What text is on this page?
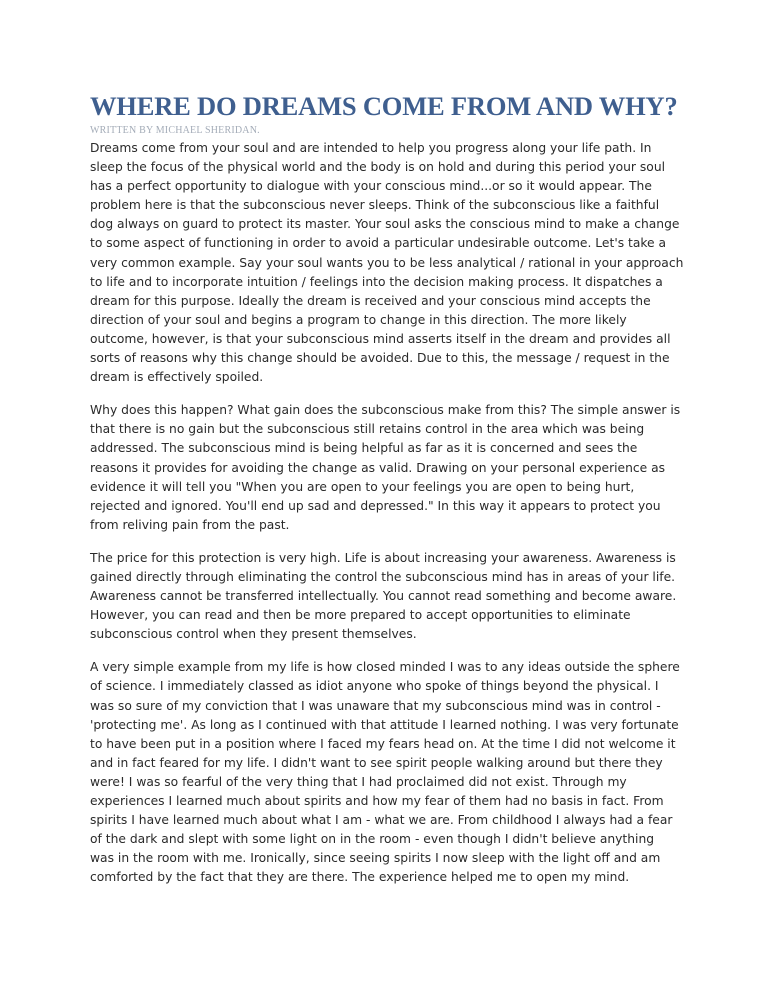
WHERE DO DREAMS COME FROM AND WHY?
WRITTEN BY MICHAEL SHERIDAN.

Dreams come from your soul and are intended to help you progress along your life path. In
sleep the focus of the physical world and the body is on hold and during this period your soul
has a perfect opportunity to dialogue with your conscious mind...or so it would appear. The
problem here is that the subconscious never sleeps. Think of the subconscious like a faithful
dog always on guard to protect its master. Your soul asks the conscious mind to make a change
to some aspect of functioning in order to avoid a particular undesirable outcome. Let's take a
very common example. Say your soul wants you to be less analytical / rational in your approach
to life and to incorporate intuition / feelings into the decision making process. It dispatches a
dream for this purpose. Ideally the dream is received and your conscious mind accepts the
direction of your soul and begins a program to change in this direction. The more likely
outcome, however, is that your subconscious mind asserts itself in the dream and provides all
sorts of reasons why this change should be avoided. Due to this, the message / request in the
dream is effectively spoiled.

Why does this happen? What gain does the subconscious make from this? The simple answer is
that there is no gain but the subconscious still retains control in the area which was being
addressed. The subconscious mind is being helpful as far as it is concerned and sees the
reasons it provides for avoiding the change as valid. Drawing on your personal experience as
evidence it will tell you "When you are open to your feelings you are open to being hurt,
rejected and ignored. You'll end up sad and depressed." In this way it appears to protect you
from reliving pain from the past.

The price for this protection is very high. Life is about increasing your awareness. Awareness is
gained directly through eliminating the control the subconscious mind has in areas of your life.
Awareness cannot be transferred intellectually. You cannot read something and become aware.
However, you can read and then be more prepared to accept opportunities to eliminate
subconscious control when they present themselves.

A very simple example from my life is how closed minded I was to any ideas outside the sphere
of science. I immediately classed as idiot anyone who spoke of things beyond the physical. I
was so sure of my conviction that I was unaware that my subconscious mind was in control -
'protecting me'. As long as I continued with that attitude I learned nothing. I was very fortunate
to have been put in a position where I faced my fears head on. At the time I did not welcome it
and in fact feared for my life. I didn't want to see spirit people walking around but there they
were! I was so fearful of the very thing that I had proclaimed did not exist. Through my
experiences I learned much about spirits and how my fear of them had no basis in fact. From
spirits I have learned much about what I am - what we are. From childhood I always had a fear
of the dark and slept with some light on in the room - even though I didn't believe anything
was in the room with me. Ironically, since seeing spirits I now sleep with the light off and am
comforted by the fact that they are there. The experience helped me to open my mind.
